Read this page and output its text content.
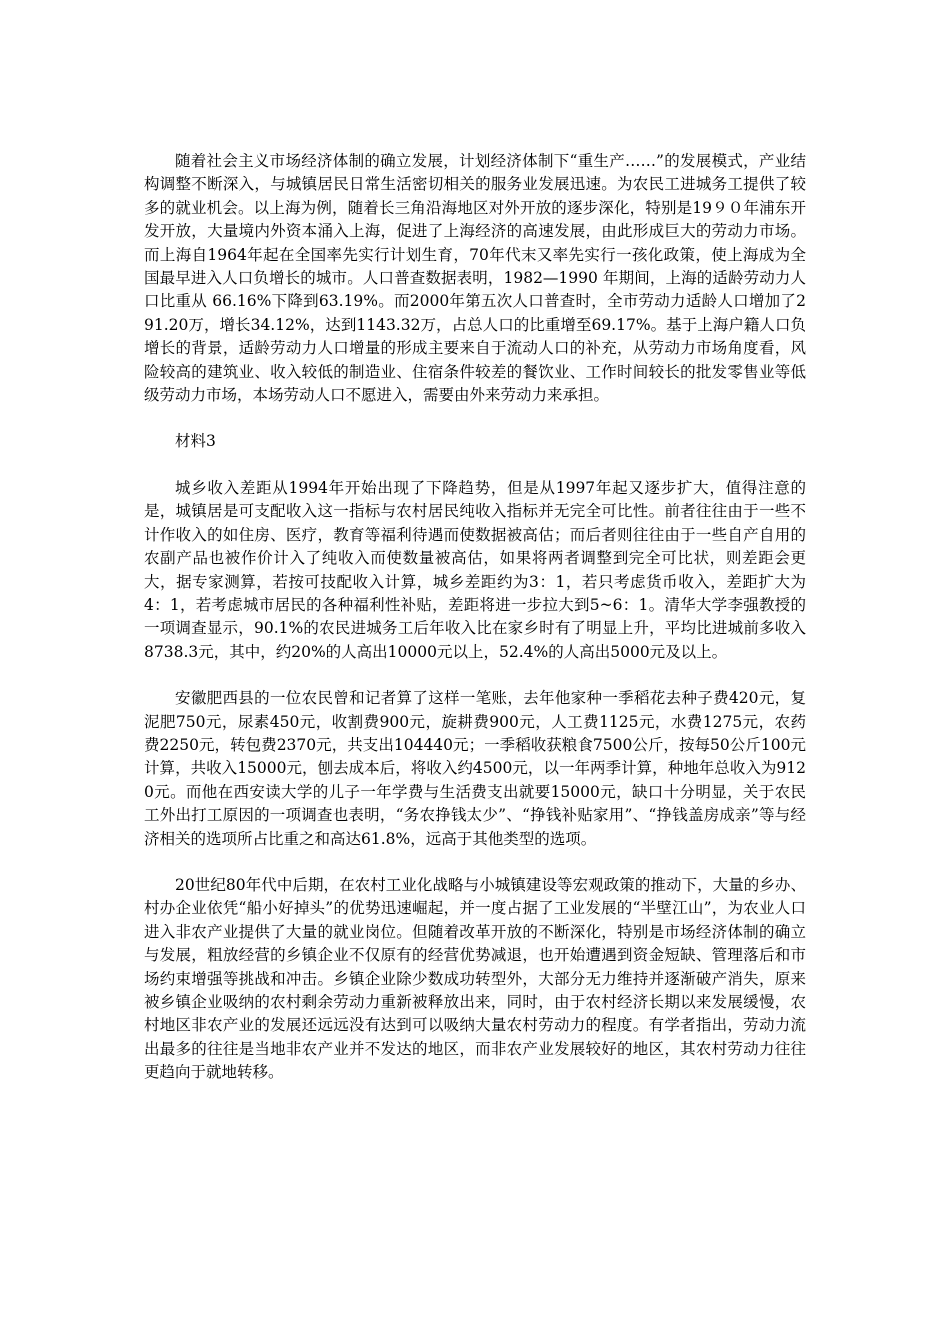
随着社会主义市场经济体制的确立发展，计划经济体制下“重生产……”的发展模式，产业结构调整不断深入，与城镇居民日常生活密切相关的服务业发展迅速。为农民工进城务工提供了较多的就业机会。以上海为例，随着长三角沿海地区对外开放的逐步深化，特别是19９０年浦东开发开放，大量境内外资本涌入上海，促进了上海经济的高速发展，由此形成巨大的劳动力市场。而上海自1964年起在全国率先实行计划生育，70年代末又率先实行一孩化政策，使上海成为全国最早进入人口负增长的城市。人口普查数据表明，1982—1990 年期间，上海的适龄劳动力人口比重从 66.16%下降到63.19%。而2000年第五次人口普查时，全市劳动力适龄人口增加了291.20万，增长34.12%，达到1143.32万，占总人口的比重增至69.17%。基于上海户籍人口负增长的背景，适龄劳动力人口增量的形成主要来自于流动人口的补充，从劳动力市场角度看，风险较高的建筑业、收入较低的制造业、住宿条件较差的餐饮业、工作时间较长的批发零售业等低级劳动力市场，本场劳动人口不愿进入，需要由外来劳动力来承担。

材料3

城乡收入差距从1994年开始出现了下降趋势，但是从1997年起又逐步扩大，值得注意的是，城镇居是可支配收入这一指标与农村居民纯收入指标并无完全可比性。前者往往由于一些不计作收入的如住房、医疗，教育等福利待遇而使数据被高估；而后者则往往由于一些自产自用的农副产品也被作价计入了纯收入而使数量被高估，如果将两者调整到完全可比状，则差距会更大，据专家测算，若按可技配收入计算，城乡差距约为3：1，若只考虑货币收入，差距扩大为4：1，若考虑城市居民的各种福利性补贴，差距将进一步拉大到5~6：1。清华大学李强教授的一项调查显示，90.1%的农民进城务工后年收入比在家乡时有了明显上升，平均比进城前多收入8738.3元，其中，约20%的人高出10000元以上，52.4%的人高出5000元及以上。

安徽肥西县的一位农民曾和记者算了这样一笔账，去年他家种一季稻花去种子费420元，复泥肥750元，尿素450元，收割费900元，旋耕费900元，人工费1125元，水费1275元，农药费2250元，转包费2370元，共支出104440元；一季稻收获粮食7500公斤，按每50公斤100元计算，共收入15000元，刨去成本后，将收入约4500元，以一年两季计算，种地年总收入为9120元。而他在西安读大学的儿子一年学费与生活费支出就要15000元，缺口十分明显，关于农民工外出打工原因的一项调查也表明，“务农挣钱太少”、“挣钱补贴家用”、“挣钱盖房成亲”等与经济相关的选项所占比重之和高达61.8%，远高于其他类型的选项。

20世纪80年代中后期，在农村工业化战略与小城镇建设等宏观政策的推动下，大量的乡办、村办企业依凭“船小好掉头”的优势迅速崛起，并一度占据了工业发展的“半壁江山”，为农业人口进入非农产业提供了大量的就业岗位。但随着改革开放的不断深化，特别是市场经济体制的确立与发展，粗放经营的乡镇企业不仅原有的经营优势减退，也开始遭遇到资金短缺、管理落后和市场约束增强等挑战和冲击。乡镇企业除少数成功转型外，大部分无力维持并逐渐破产消失，原来被乡镇企业吸纳的农村剩余劳动力重新被释放出来，同时，由于农村经济长期以来发展缓慢，农村地区非农产业的发展还远远没有达到可以吸纳大量农村劳动力的程度。有学者指出，劳动力流出最多的往往是当地非农产业并不发达的地区，而非农产业发展较好的地区，其农村劳动力往往更趋向于就地转移。
